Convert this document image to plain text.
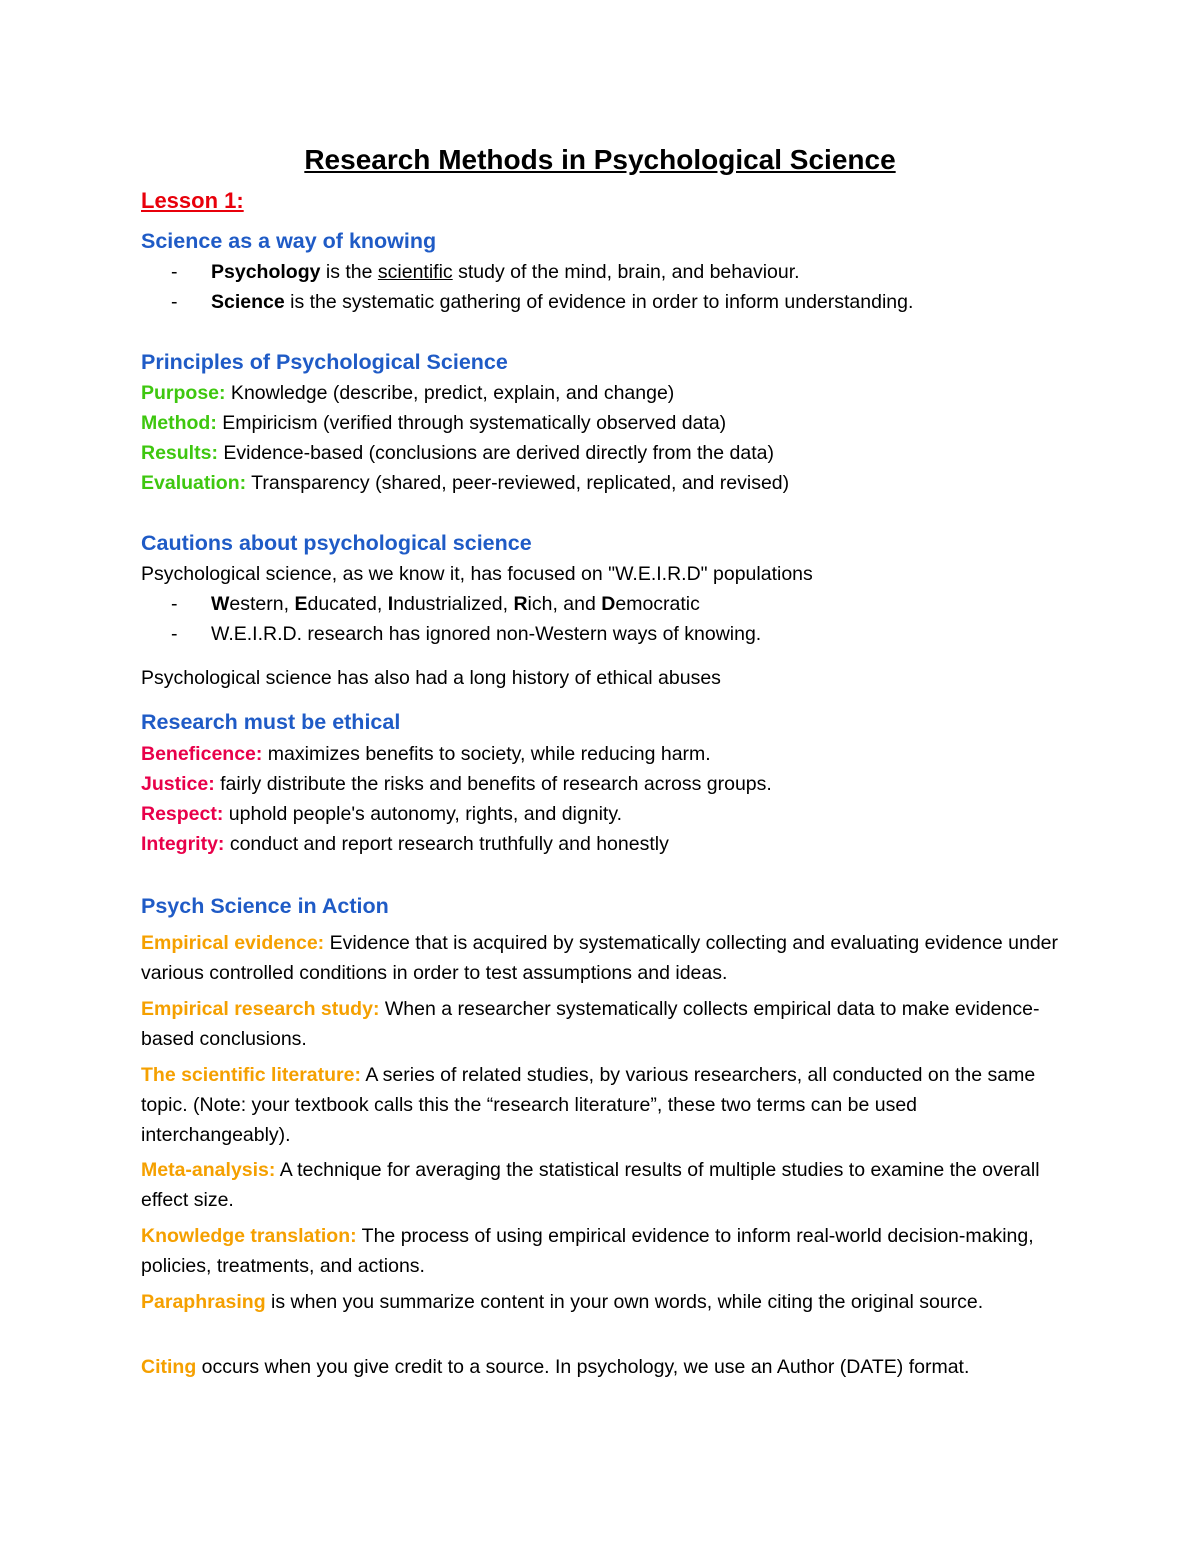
Research Methods in Psychological Science
Lesson 1:
Science as a way of knowing

- Psychology is the scientific study of the mind, brain, and behaviour.

- Science is the systematic gathering of evidence in order to inform understanding.

Principles of Psychological Science

Purpose: Knowledge (describe, predict, explain, and change)

Method: Empiricism (verified through systematically observed data)

Results: Evidence-based (conclusions are derived directly from the data)

Evaluation: Transparency (shared, peer-reviewed, replicated, and revised)

Cautions about psychological science

Psychological science, as we know it, has focused on "W.E.I.R.D" populations

- Western, Educated, Industrialized, Rich, and Democratic

- W.E.I.R.D. research has ignored non-Western ways of knowing.

Psychological science has also had a long history of ethical abuses

Research must be ethical

Beneficence: maximizes benefits to society, while reducing harm.

Justice: fairly distribute the risks and benefits of research across groups.

Respect: uphold people's autonomy, rights, and dignity.

Integrity: conduct and report research truthfully and honestly

Psych Science in Action

Empirical evidence: Evidence that is acquired by systematically collecting and evaluating evidence under various controlled conditions in order to test assumptions and ideas.

Empirical research study: When a researcher systematically collects empirical data to make evidence-based conclusions.

The scientific literature: A series of related studies, by various researchers, all conducted on the same topic. (Note: your textbook calls this the “research literature”, these two terms can be used interchangeably).

Meta-analysis: A technique for averaging the statistical results of multiple studies to examine the overall effect size.

Knowledge translation: The process of using empirical evidence to inform real-world decision-making, policies, treatments, and actions.

Paraphrasing is when you summarize content in your own words, while citing the original source.

Citing occurs when you give credit to a source. In psychology, we use an Author (DATE) format.
